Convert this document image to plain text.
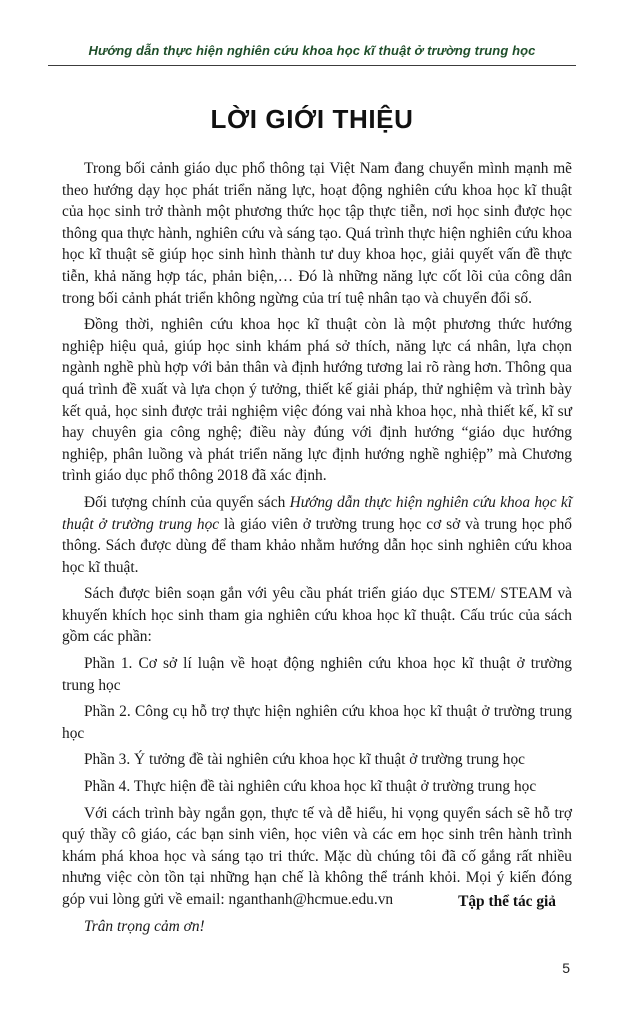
Hướng dẫn thực hiện nghiên cứu khoa học kĩ thuật ở trường trung học
LỜI GIỚI THIỆU

Trong bối cảnh giáo dục phổ thông tại Việt Nam đang chuyển mình mạnh mẽ theo hướng dạy học phát triển năng lực, hoạt động nghiên cứu khoa học kĩ thuật của học sinh trở thành một phương thức học tập thực tiễn, nơi học sinh được học thông qua thực hành, nghiên cứu và sáng tạo. Quá trình thực hiện nghiên cứu khoa học kĩ thuật sẽ giúp học sinh hình thành tư duy khoa học, giải quyết vấn đề thực tiễn, khả năng hợp tác, phản biện,… Đó là những năng lực cốt lõi của công dân trong bối cảnh phát triển không ngừng của trí tuệ nhân tạo và chuyển đổi số.

Đồng thời, nghiên cứu khoa học kĩ thuật còn là một phương thức hướng nghiệp hiệu quả, giúp học sinh khám phá sở thích, năng lực cá nhân, lựa chọn ngành nghề phù hợp với bản thân và định hướng tương lai rõ ràng hơn. Thông qua quá trình đề xuất và lựa chọn ý tưởng, thiết kế giải pháp, thử nghiệm và trình bày kết quả, học sinh được trải nghiệm việc đóng vai nhà khoa học, nhà thiết kế, kĩ sư hay chuyên gia công nghệ; điều này đúng với định hướng “giáo dục hướng nghiệp, phân luồng và phát triển năng lực định hướng nghề nghiệp” mà Chương trình giáo dục phổ thông 2018 đã xác định.

Đối tượng chính của quyển sách Hướng dẫn thực hiện nghiên cứu khoa học kĩ thuật ở trường trung học là giáo viên ở trường trung học cơ sở và trung học phổ thông. Sách được dùng để tham khảo nhằm hướng dẫn học sinh nghiên cứu khoa học kĩ thuật.

Sách được biên soạn gắn với yêu cầu phát triển giáo dục STEM/ STEAM và khuyến khích học sinh tham gia nghiên cứu khoa học kĩ thuật. Cấu trúc của sách gồm các phần:

Phần 1. Cơ sở lí luận về hoạt động nghiên cứu khoa học kĩ thuật ở trường trung học

Phần 2. Công cụ hỗ trợ thực hiện nghiên cứu khoa học kĩ thuật ở trường trung học

Phần 3. Ý tưởng đề tài nghiên cứu khoa học kĩ thuật ở trường trung học

Phần 4. Thực hiện đề tài nghiên cứu khoa học kĩ thuật ở trường trung học

Với cách trình bày ngắn gọn, thực tế và dễ hiểu, hi vọng quyển sách sẽ hỗ trợ quý thầy cô giáo, các bạn sinh viên, học viên và các em học sinh trên hành trình khám phá khoa học và sáng tạo tri thức. Mặc dù chúng tôi đã cố gắng rất nhiều nhưng việc còn tồn tại những hạn chế là không thể tránh khỏi. Mọi ý kiến đóng góp vui lòng gửi về email: nganthanh@hcmue.edu.vn

Trân trọng cảm ơn!

Tập thể tác giả
5
